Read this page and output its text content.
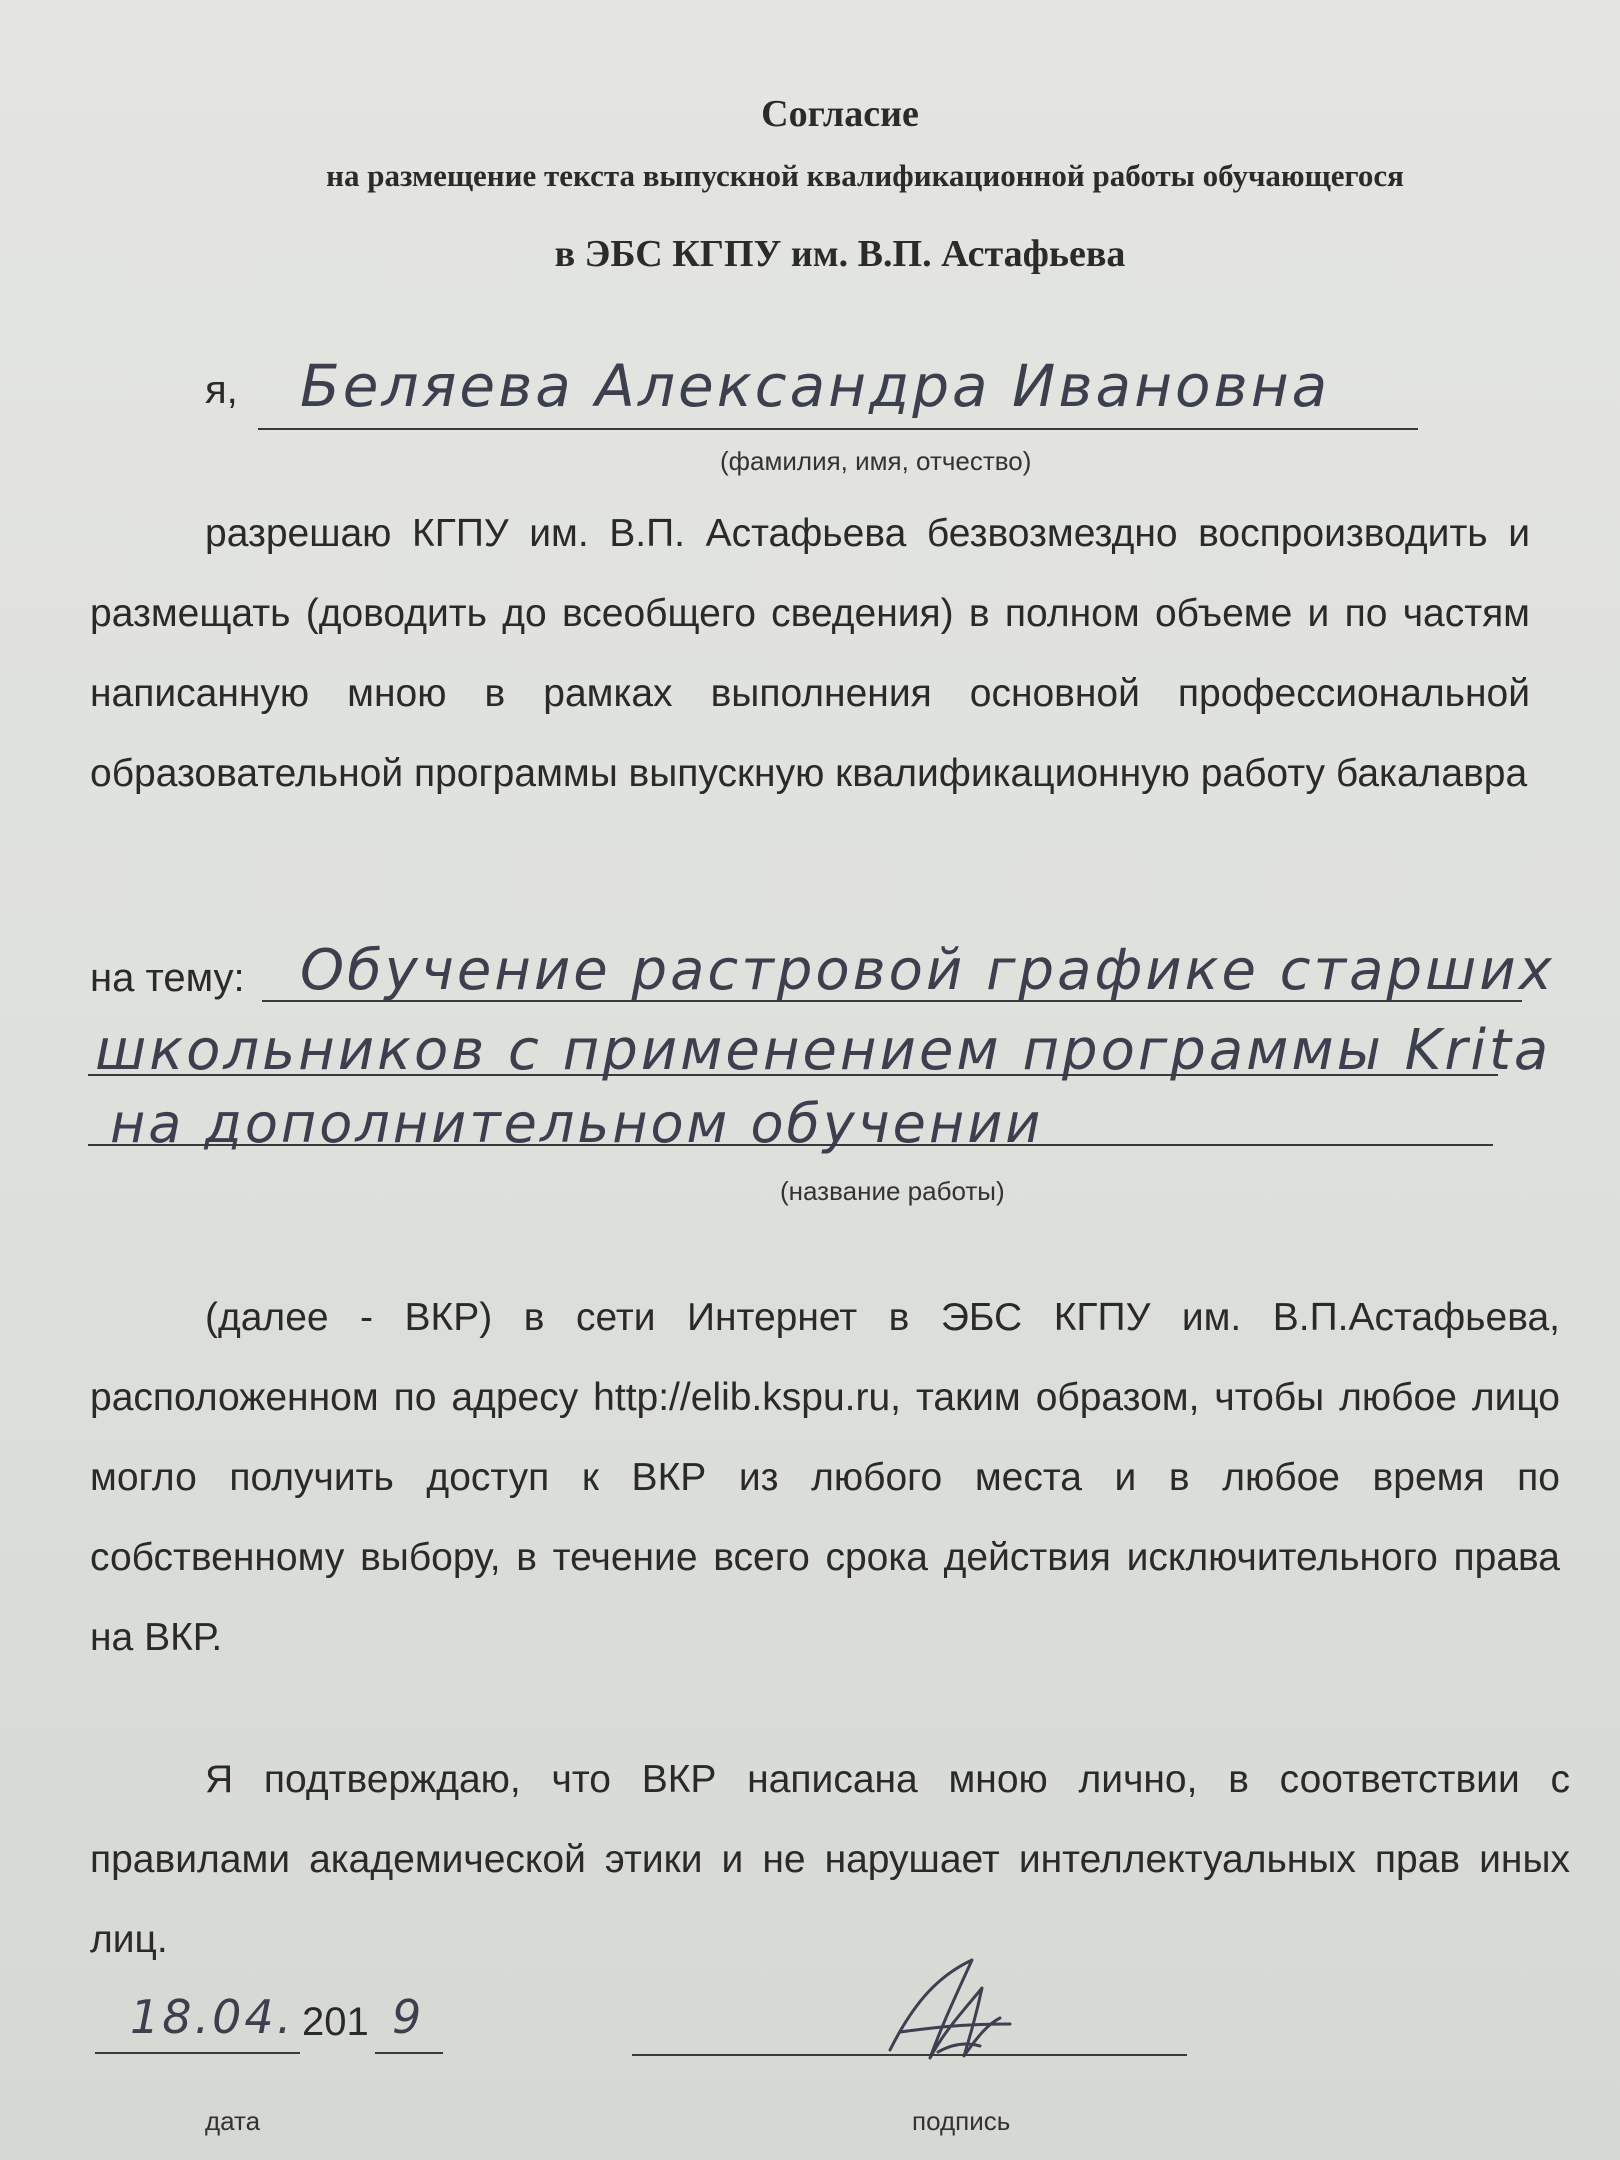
Согласие
на размещение текста выпускной квалификационной работы обучающегося
в ЭБС КГПУ им. В.П. Астафьева
я, Беляева Александра Ивановна
(фамилия, имя, отчество)
разрешаю КГПУ им. В.П. Астафьева безвозмездно воспроизводить и размещать (доводить до всеобщего сведения) в полном объеме и по частям написанную мною в рамках выполнения основной профессиональной образовательной программы выпускную квалификационную работу бакалавра
на тему: Обучение растровой графике старших
школьников с применением программы Krita
на дополнительном обучении
(название работы)
(далее - ВКР) в сети Интернет в ЭБС КГПУ им. В.П.Астафьева, расположенном по адресу http://elib.kspu.ru, таким образом, чтобы любое лицо могло получить доступ к ВКР из любого места и в любое время по собственному выбору, в течение всего срока действия исключительного права на ВКР.
Я подтверждаю, что ВКР написана мною лично, в соответствии с правилами академической этики и не нарушает интеллектуальных прав иных лиц.
18.04. 201 9
дата	подпись
